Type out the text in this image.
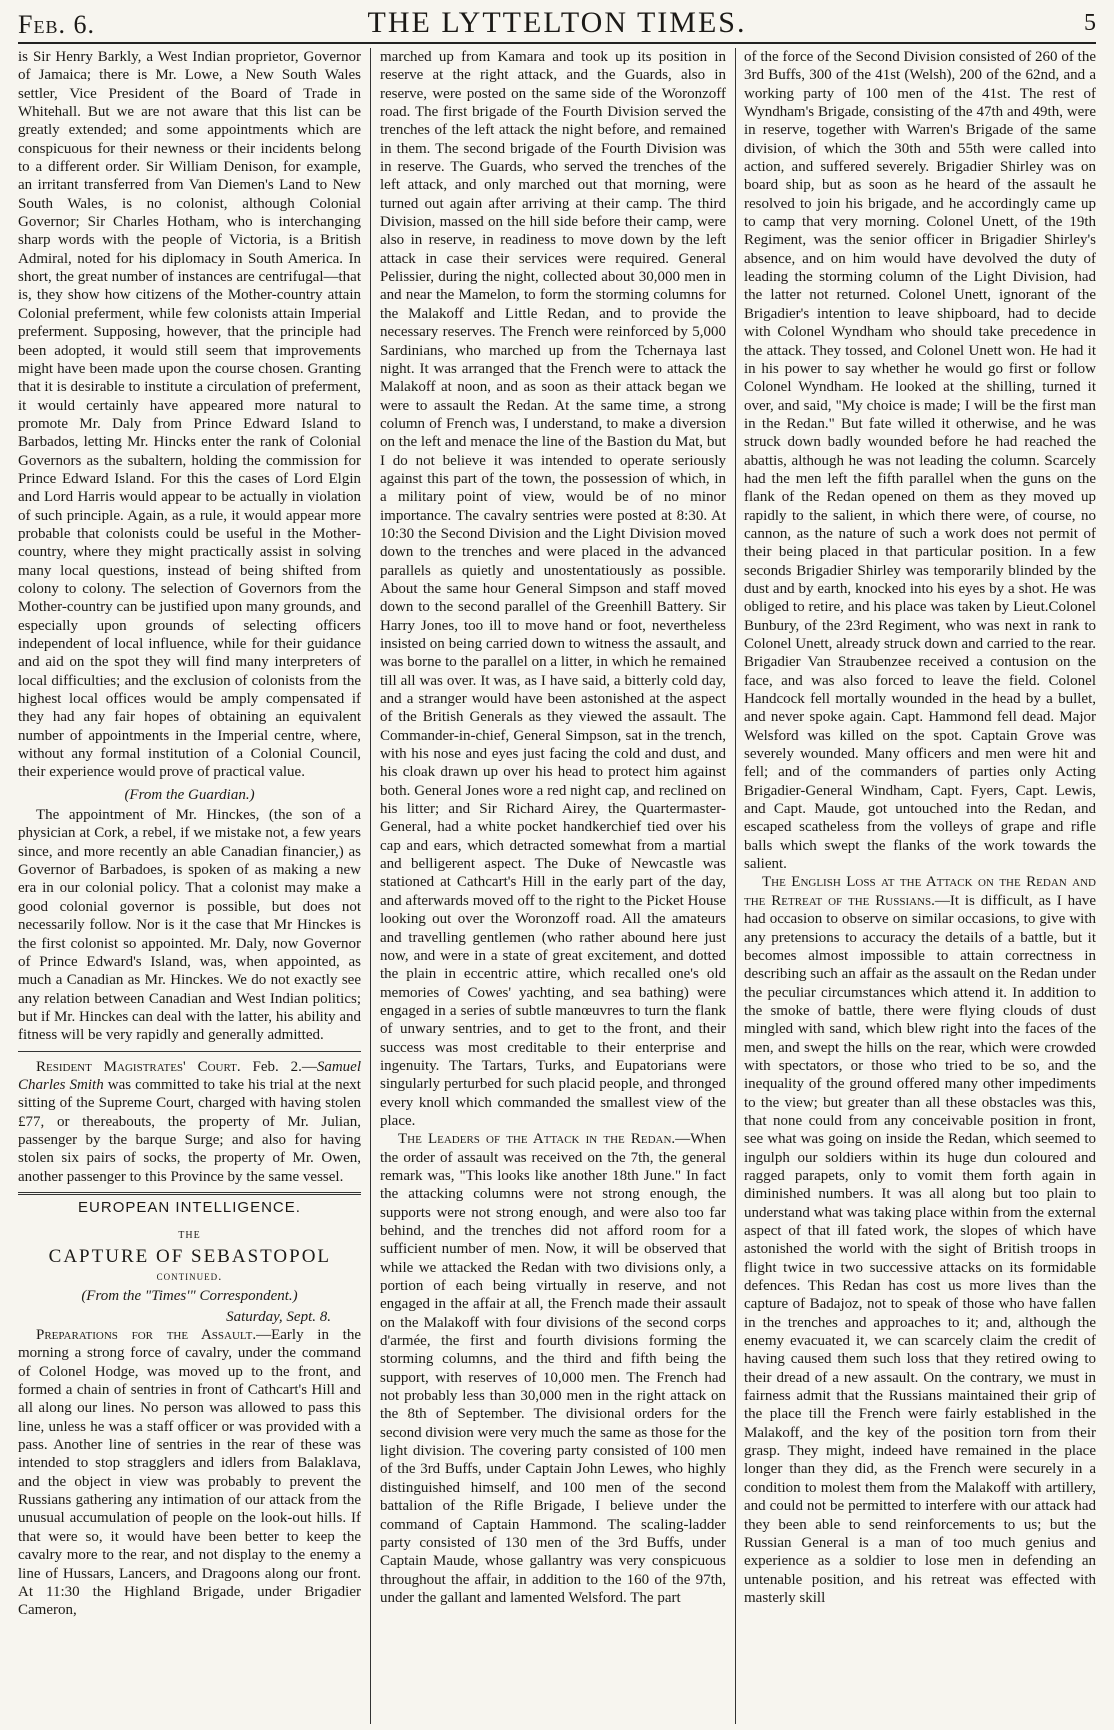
Feb. 6.	THE LYTTELTON TIMES.	5

is Sir Henry Barkly, a West Indian proprietor, Governor of Jamaica; there is Mr. Lowe, a New South Wales settler, Vice President of the Board of Trade in Whitehall. But we are not aware that this list can be greatly extended; and some appointments which are conspicuous for their newness or their incidents belong to a different order. Sir William Denison, for example, an irritant transferred from Van Diemen's Land to New South Wales, is no colonist, although Colonial Governor; Sir Charles Hotham, who is interchanging sharp words with the people of Victoria, is a British Admiral, noted for his diplomacy in South America. In short, the great number of instances are centrifugal—that is, they show how citizens of the Mother-country attain Colonial preferment, while few colonists attain Imperial preferment. Supposing, however, that the principle had been adopted, it would still seem that improvements might have been made upon the course chosen. Granting that it is desirable to institute a circulation of preferment, it would certainly have appeared more natural to promote Mr. Daly from Prince Edward Island to Barbados, letting Mr. Hincks enter the rank of Colonial Governors as the subaltern, holding the commission for Prince Edward Island. For this the cases of Lord Elgin and Lord Harris would appear to be actually in violation of such principle. Again, as a rule, it would appear more probable that colonists could be useful in the Mother-country, where they might practically assist in solving many local questions, instead of being shifted from colony to colony. The selection of Governors from the Mother-country can be justified upon many grounds, and especially upon grounds of selecting officers independent of local influence, while for their guidance and aid on the spot they will find many interpreters of local difficulties; and the exclusion of colonists from the highest local offices would be amply compensated if they had any fair hopes of obtaining an equivalent number of appointments in the Imperial centre, where, without any formal institution of a Colonial Council, their experience would prove of practical value.

(From the Guardian.)

The appointment of Mr. Hinckes, (the son of a physician at Cork, a rebel, if we mistake not, a few years since, and more recently an able Canadian financier,) as Governor of Barbadoes, is spoken of as making a new era in our colonial policy. That a colonist may make a good colonial governor is possible, but does not necessarily follow. Nor is it the case that Mr Hinckes is the first colonist so appointed. Mr. Daly, now Governor of Prince Edward's Island, was, when appointed, as much a Canadian as Mr. Hinckes. We do not exactly see any relation between Canadian and West Indian politics; but if Mr. Hinckes can deal with the latter, his ability and fitness will be very rapidly and generally admitted.

Resident Magistrates' Court. Feb. 2.—Samuel Charles Smith was committed to take his trial at the next sitting of the Supreme Court, charged with having stolen £77, or thereabouts, the property of Mr. Julian, passenger by the barque Surge; and also for having stolen six pairs of socks, the property of Mr. Owen, another passenger to this Province by the same vessel.

EUROPEAN INTELLIGENCE.
THE
CAPTURE OF SEBASTOPOL continued.
(From the "Times'" Correspondent.)
Saturday, Sept. 8.

Preparations for the Assault.—Early in the morning a strong force of cavalry, under the command of Colonel Hodge, was moved up to the front, and formed a chain of sentries in front of Cathcart's Hill and all along our lines. No person was allowed to pass this line, unless he was a staff officer or was provided with a pass. Another line of sentries in the rear of these was intended to stop stragglers and idlers from Balaklava, and the object in view was probably to prevent the Russians gathering any intimation of our attack from the unusual accumulation of people on the look-out hills. If that were so, it would have been better to keep the cavalry more to the rear, and not display to the enemy a line of Hussars, Lancers, and Dragoons along our front. At 11:30 the Highland Brigade, under Brigadier Cameron,

marched up from Kamara and took up its position in reserve at the right attack, and the Guards, also in reserve, were posted on the same side of the Woronzoff road. The first brigade of the Fourth Division served the trenches of the left attack the night before, and remained in them. The second brigade of the Fourth Division was in reserve. The Guards, who served the trenches of the left attack, and only marched out that morning, were turned out again after arriving at their camp. The third Division, massed on the hill side before their camp, were also in reserve, in readiness to move down by the left attack in case their services were required. General Pelissier, during the night, collected about 30,000 men in and near the Mamelon, to form the storming columns for the Malakoff and Little Redan, and to provide the necessary reserves. The French were reinforced by 5,000 Sardinians, who marched up from the Tchernaya last night. It was arranged that the French were to attack the Malakoff at noon, and as soon as their attack began we were to assault the Redan. At the same time, a strong column of French was, I understand, to make a diversion on the left and menace the line of the Bastion du Mat, but I do not believe it was intended to operate seriously against this part of the town, the possession of which, in a military point of view, would be of no minor importance. The cavalry sentries were posted at 8:30. At 10:30 the Second Division and the Light Division moved down to the trenches and were placed in the advanced parallels as quietly and unostentatiously as possible. About the same hour General Simpson and staff moved down to the second parallel of the Greenhill Battery. Sir Harry Jones, too ill to move hand or foot, nevertheless insisted on being carried down to witness the assault, and was borne to the parallel on a litter, in which he remained till all was over. It was, as I have said, a bitterly cold day, and a stranger would have been astonished at the aspect of the British Generals as they viewed the assault. The Commander-in-chief, General Simpson, sat in the trench, with his nose and eyes just facing the cold and dust, and his cloak drawn up over his head to protect him against both. General Jones wore a red night cap, and reclined on his litter; and Sir Richard Airey, the Quartermaster-General, had a white pocket handkerchief tied over his cap and ears, which detracted somewhat from a martial and belligerent aspect. The Duke of Newcastle was stationed at Cathcart's Hill in the early part of the day, and afterwards moved off to the right to the Picket House looking out over the Woronzoff road. All the amateurs and travelling gentlemen (who rather abound here just now, and were in a state of great excitement, and dotted the plain in eccentric attire, which recalled one's old memories of Cowes' yachting, and sea bathing) were engaged in a series of subtle manœuvres to turn the flank of unwary sentries, and to get to the front, and their success was most creditable to their enterprise and ingenuity. The Tartars, Turks, and Eupatorians were singularly perturbed for such placid people, and thronged every knoll which commanded the smallest view of the place.

The Leaders of the Attack in the Redan.—When the order of assault was received on the 7th, the general remark was, "This looks like another 18th June." In fact the attacking columns were not strong enough, the supports were not strong enough, and were also too far behind, and the trenches did not afford room for a sufficient number of men. Now, it will be observed that while we attacked the Redan with two divisions only, a portion of each being virtually in reserve, and not engaged in the affair at all, the French made their assault on the Malakoff with four divisions of the second corps d'armée, the first and fourth divisions forming the storming columns, and the third and fifth being the support, with reserves of 10,000 men. The French had not probably less than 30,000 men in the right attack on the 8th of September. The divisional orders for the second division were very much the same as those for the light division. The covering party consisted of 100 men of the 3rd Buffs, under Captain John Lewes, who highly distinguished himself, and 100 men of the second battalion of the Rifle Brigade, I believe under the command of Captain Hammond. The scaling-ladder party consisted of 130 men of the 3rd Buffs, under Captain Maude, whose gallantry was very conspicuous throughout the affair, in addition to the 160 of the 97th, under the gallant and lamented Welsford. The part

of the force of the Second Division consisted of 260 of the 3rd Buffs, 300 of the 41st (Welsh), 200 of the 62nd, and a working party of 100 men of the 41st. The rest of Wyndham's Brigade, consisting of the 47th and 49th, were in reserve, together with Warren's Brigade of the same division, of which the 30th and 55th were called into action, and suffered severely. Brigadier Shirley was on board ship, but as soon as he heard of the assault he resolved to join his brigade, and he accordingly came up to camp that very morning. Colonel Unett, of the 19th Regiment, was the senior officer in Brigadier Shirley's absence, and on him would have devolved the duty of leading the storming column of the Light Division, had the latter not returned. Colonel Unett, ignorant of the Brigadier's intention to leave shipboard, had to decide with Colonel Wyndham who should take precedence in the attack. They tossed, and Colonel Unett won. He had it in his power to say whether he would go first or follow Colonel Wyndham. He looked at the shilling, turned it over, and said, "My choice is made; I will be the first man in the Redan." But fate willed it otherwise, and he was struck down badly wounded before he had reached the abattis, although he was not leading the column. Scarcely had the men left the fifth parallel when the guns on the flank of the Redan opened on them as they moved up rapidly to the salient, in which there were, of course, no cannon, as the nature of such a work does not permit of their being placed in that particular position. In a few seconds Brigadier Shirley was temporarily blinded by the dust and by earth, knocked into his eyes by a shot. He was obliged to retire, and his place was taken by Lieut.Colonel Bunbury, of the 23rd Regiment, who was next in rank to Colonel Unett, already struck down and carried to the rear. Brigadier Van Straubenzee received a contusion on the face, and was also forced to leave the field. Colonel Handcock fell mortally wounded in the head by a bullet, and never spoke again. Capt. Hammond fell dead. Major Welsford was killed on the spot. Captain Grove was severely wounded. Many officers and men were hit and fell; and of the commanders of parties only Acting Brigadier-General Windham, Capt. Fyers, Capt. Lewis, and Capt. Maude, got untouched into the Redan, and escaped scatheless from the volleys of grape and rifle balls which swept the flanks of the work towards the salient.

The English Loss at the Attack on the Redan and the Retreat of the Russians.—It is difficult, as I have had occasion to observe on similar occasions, to give with any pretensions to accuracy the details of a battle, but it becomes almost impossible to attain correctness in describing such an affair as the assault on the Redan under the peculiar circumstances which attend it. In addition to the smoke of battle, there were flying clouds of dust mingled with sand, which blew right into the faces of the men, and swept the hills on the rear, which were crowded with spectators, or those who tried to be so, and the inequality of the ground offered many other impediments to the view; but greater than all these obstacles was this, that none could from any conceivable position in front, see what was going on inside the Redan, which seemed to ingulph our soldiers within its huge dun coloured and ragged parapets, only to vomit them forth again in diminished numbers. It was all along but too plain to understand what was taking place within from the external aspect of that ill fated work, the slopes of which have astonished the world with the sight of British troops in flight twice in two successive attacks on its formidable defences. This Redan has cost us more lives than the capture of Badajoz, not to speak of those who have fallen in the trenches and approaches to it; and, although the enemy evacuated it, we can scarcely claim the credit of having caused them such loss that they retired owing to their dread of a new assault. On the contrary, we must in fairness admit that the Russians maintained their grip of the place till the French were fairly established in the Malakoff, and the key of the position torn from their grasp. They might, indeed have remained in the place longer than they did, as the French were securely in a condition to molest them from the Malakoff with artillery, and could not be permitted to interfere with our attack had they been able to send reinforcements to us; but the Russian General is a man of too much genius and experience as a soldier to lose men in defending an untenable position, and his retreat was effected with masterly skill
